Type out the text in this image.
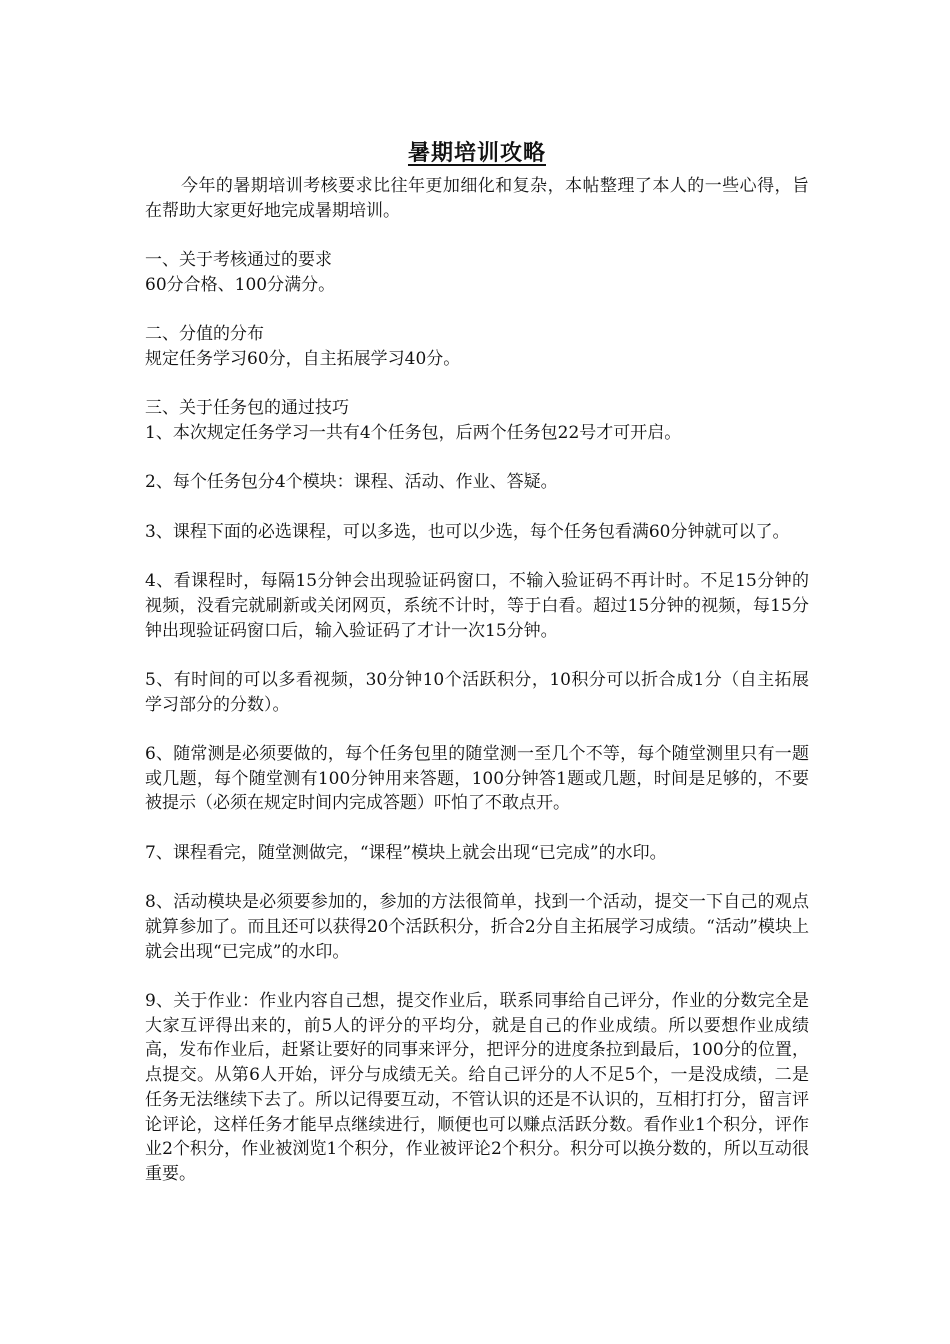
暑期培训攻略

今年的暑期培训考核要求比往年更加细化和复杂，本帖整理了本人的一些心得，旨在帮助大家更好地完成暑期培训。

一、关于考核通过的要求

60分合格、100分满分。

二、分值的分布

规定任务学习60分，自主拓展学习40分。

三、关于任务包的通过技巧

1、本次规定任务学习一共有4个任务包，后两个任务包22号才可开启。

2、每个任务包分4个模块：课程、活动、作业、答疑。

3、课程下面的必选课程，可以多选，也可以少选，每个任务包看满60分钟就可以了。

4、看课程时，每隔15分钟会出现验证码窗口，不输入验证码不再计时。不足15分钟的视频，没看完就刷新或关闭网页，系统不计时，等于白看。超过15分钟的视频，每15分钟出现验证码窗口后，输入验证码了才计一次15分钟。

5、有时间的可以多看视频，30分钟10个活跃积分，10积分可以折合成1分（自主拓展学习部分的分数）。

6、随常测是必须要做的，每个任务包里的随堂测一至几个不等，每个随堂测里只有一题或几题，每个随堂测有100分钟用来答题，100分钟答1题或几题，时间是足够的，不要被提示（必须在规定时间内完成答题）吓怕了不敢点开。

7、课程看完，随堂测做完，“课程”模块上就会出现“已完成”的水印。

8、活动模块是必须要参加的，参加的方法很简单，找到一个活动，提交一下自己的观点就算参加了。而且还可以获得20个活跃积分，折合2分自主拓展学习成绩。“活动”模块上就会出现“已完成”的水印。

9、关于作业：作业内容自己想，提交作业后，联系同事给自己评分，作业的分数完全是大家互评得出来的，前5人的评分的平均分，就是自己的作业成绩。所以要想作业成绩高，发布作业后，赶紧让要好的同事来评分，把评分的进度条拉到最后，100分的位置，点提交。从第6人开始，评分与成绩无关。给自己评分的人不足5个，一是没成绩，二是任务无法继续下去了。所以记得要互动，不管认识的还是不认识的，互相打打分，留言评论评论，这样任务才能早点继续进行，顺便也可以赚点活跃分数。看作业1个积分，评作业2个积分，作业被浏览1个积分，作业被评论2个积分。积分可以换分数的，所以互动很重要。
